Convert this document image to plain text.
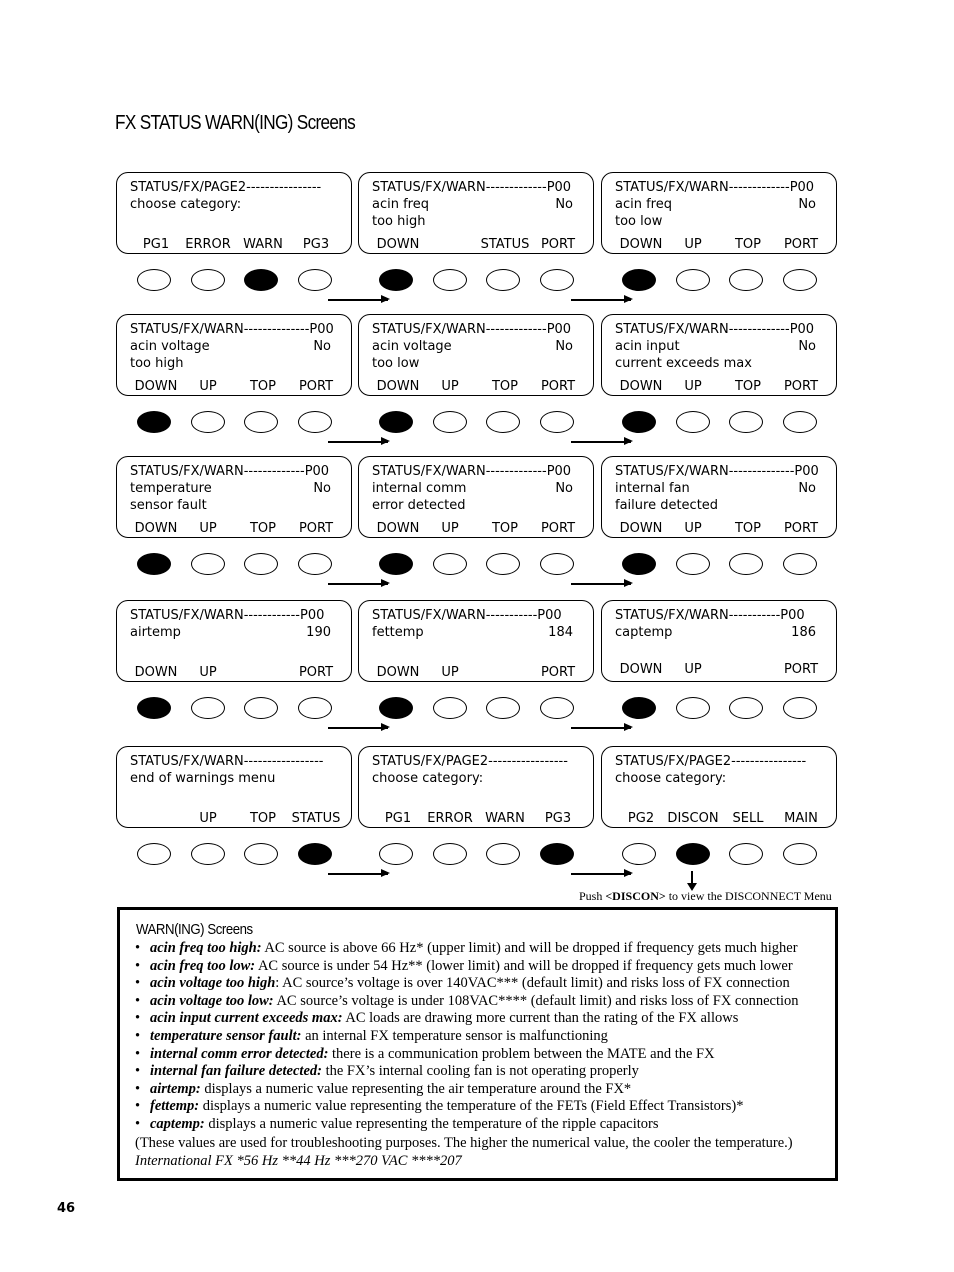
FX STATUS WARN(ING) Screens
STATUS/FX/PAGE2----------------
choose category:
PG1 ERROR WARN PG3
STATUS/FX/WARN-------------P00
acin freq	No
too high
DOWN	STATUS PORT
STATUS/FX/WARN-------------P00
acin freq	No
too low
DOWN UP	TOP PORT
STATUS/FX/WARN--------------P00
acin voltage	No
too high
DOWN UP	TOP PORT
STATUS/FX/WARN-------------P00
acin voltage	No
too low
DOWN UP	TOP PORT
STATUS/FX/WARN-------------P00
acin input	No
current exceeds max
DOWN UP	TOP PORT
STATUS/FX/WARN-------------P00
temperature	No
sensor fault
DOWN UP	TOP PORT
STATUS/FX/WARN-------------P00
internal comm	No
error detected
DOWN UP	TOP PORT
STATUS/FX/WARN--------------P00
internal fan	No
failure detected
DOWN UP	TOP PORT
STATUS/FX/WARN------------P00
airtemp	190
DOWN UP	PORT
STATUS/FX/WARN-----------P00
fettemp	184
DOWN UP	PORT
STATUS/FX/WARN-----------P00
captemp	186
DOWN UP	PORT
STATUS/FX/WARN-----------------
end of warnings menu
UP	TOP STATUS
STATUS/FX/PAGE2-----------------
choose category:
PG1 ERROR WARN PG3
STATUS/FX/PAGE2----------------
choose category:
PG2 DISCON SELL MAIN
Push <DISCON> to view the DISCONNECT Menu
WARN(ING) Screens
• acin freq too high: AC source is above 66 Hz* (upper limit) and will be dropped if frequency gets much higher
• acin freq too low: AC source is under 54 Hz** (lower limit) and will be dropped if frequency gets much lower
• acin voltage too high: AC source’s voltage is over 140VAC*** (default limit) and risks loss of FX connection
• acin voltage too low: AC source’s voltage is under 108VAC**** (default limit) and risks loss of FX connection
• acin input current exceeds max: AC loads are drawing more current than the rating of the FX allows
• temperature sensor fault: an internal FX temperature sensor is malfunctioning
• internal comm error detected: there is a communication problem between the MATE and the FX
• internal fan failure detected: the FX’s internal cooling fan is not operating properly
• airtemp: displays a numeric value representing the air temperature around the FX*
• fettemp: displays a numeric value representing the temperature of the FETs (Field Effect Transistors)*
• captemp: displays a numeric value representing the temperature of the ripple capacitors
(These values are used for troubleshooting purposes. The higher the numerical value, the cooler the temperature.)
International FX *56 Hz **44 Hz ***270 VAC ****207
46
